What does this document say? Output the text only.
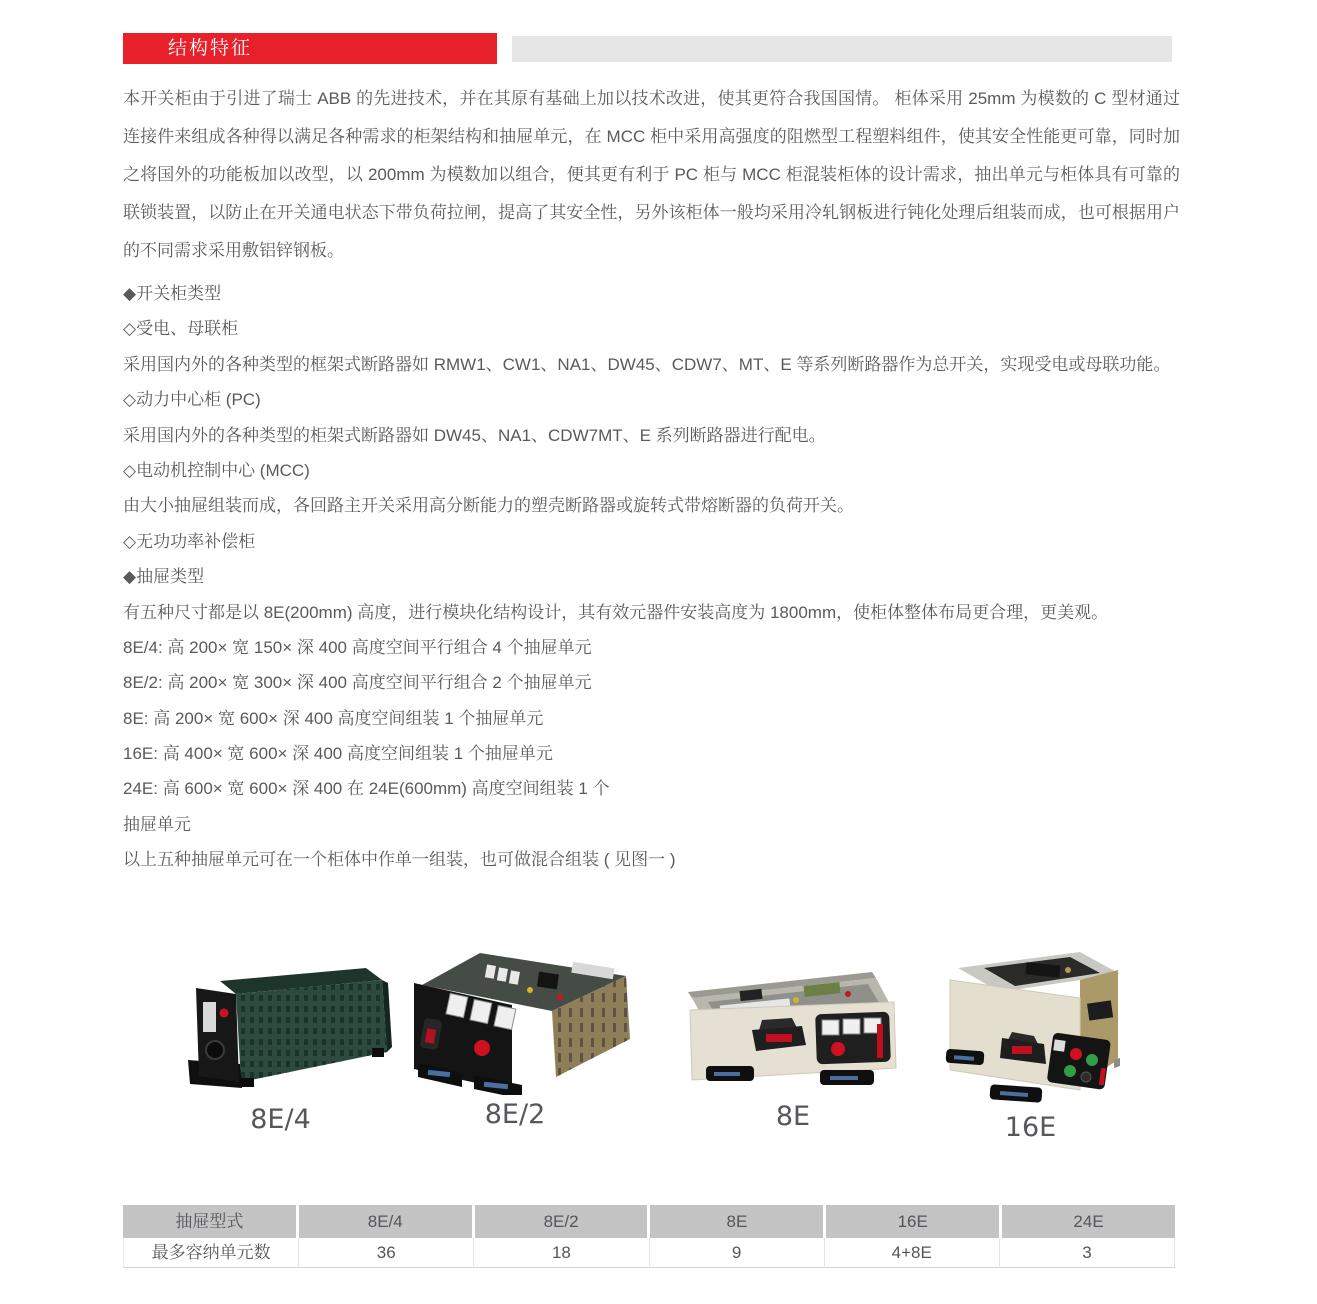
结构特征

本开关柜由于引进了瑞士 ABB 的先进技术，并在其原有基础上加以技术改进，使其更符合我国国情。 柜体采用 25mm 为模数的 C 型材通过连接件来组成各种得以满足各种需求的柜架结构和抽屉单元，在 MCC 柜中采用高强度的阻燃型工程塑料组件，使其安全性能更可靠，同时加之将国外的功能板加以改型，以 200mm 为模数加以组合，便其更有利于 PC 柜与 MCC 柜混装柜体的设计需求，抽出单元与柜体具有可靠的联锁装置，以防止在开关通电状态下带负荷拉闸，提高了其安全性，另外该柜体一般均采用冷轧钢板进行钝化处理后组装而成，也可根据用户的不同需求采用敷铝锌钢板。

◆开关柜类型
◇受电、母联柜
采用国内外的各种类型的框架式断路器如 RMW1、CW1、NA1、DW45、CDW7、MT、E 等系列断路器作为总开关，实现受电或母联功能。
◇动力中心柜 (PC)
采用国内外的各种类型的柜架式断路器如 DW45、NA1、CDW7MT、E 系列断路器进行配电。
◇电动机控制中心 (MCC)
由大小抽屉组装而成，各回路主开关采用高分断能力的塑壳断路器或旋转式带熔断器的负荷开关。
◇无功功率补偿柜
◆抽屉类型
有五种尺寸都是以 8E(200mm) 高度，进行模块化结构设计，其有效元器件安装高度为 1800mm，使柜体整体布局更合理，更美观。
8E/4: 高 200× 宽 150× 深 400 高度空间平行组合 4 个抽屉单元
8E/2: 高 200× 宽 300× 深 400 高度空间平行组合 2 个抽屉单元
8E: 高 200× 宽 600× 深 400 高度空间组装 1 个抽屉单元
16E: 高 400× 宽 600× 深 400 高度空间组装 1 个抽屉单元
24E: 高 600× 宽 600× 深 400 在 24E(600mm) 高度空间组装 1 个
抽屉单元
以上五种抽屉单元可在一个柜体中作单一组装，也可做混合组装 ( 见图一 )
8E/4	8E/2	8E	16E
抽屉型式	8E/4	8E/2	8E	16E	24E
最多容纳单元数	36	18	9	4+8E	3
